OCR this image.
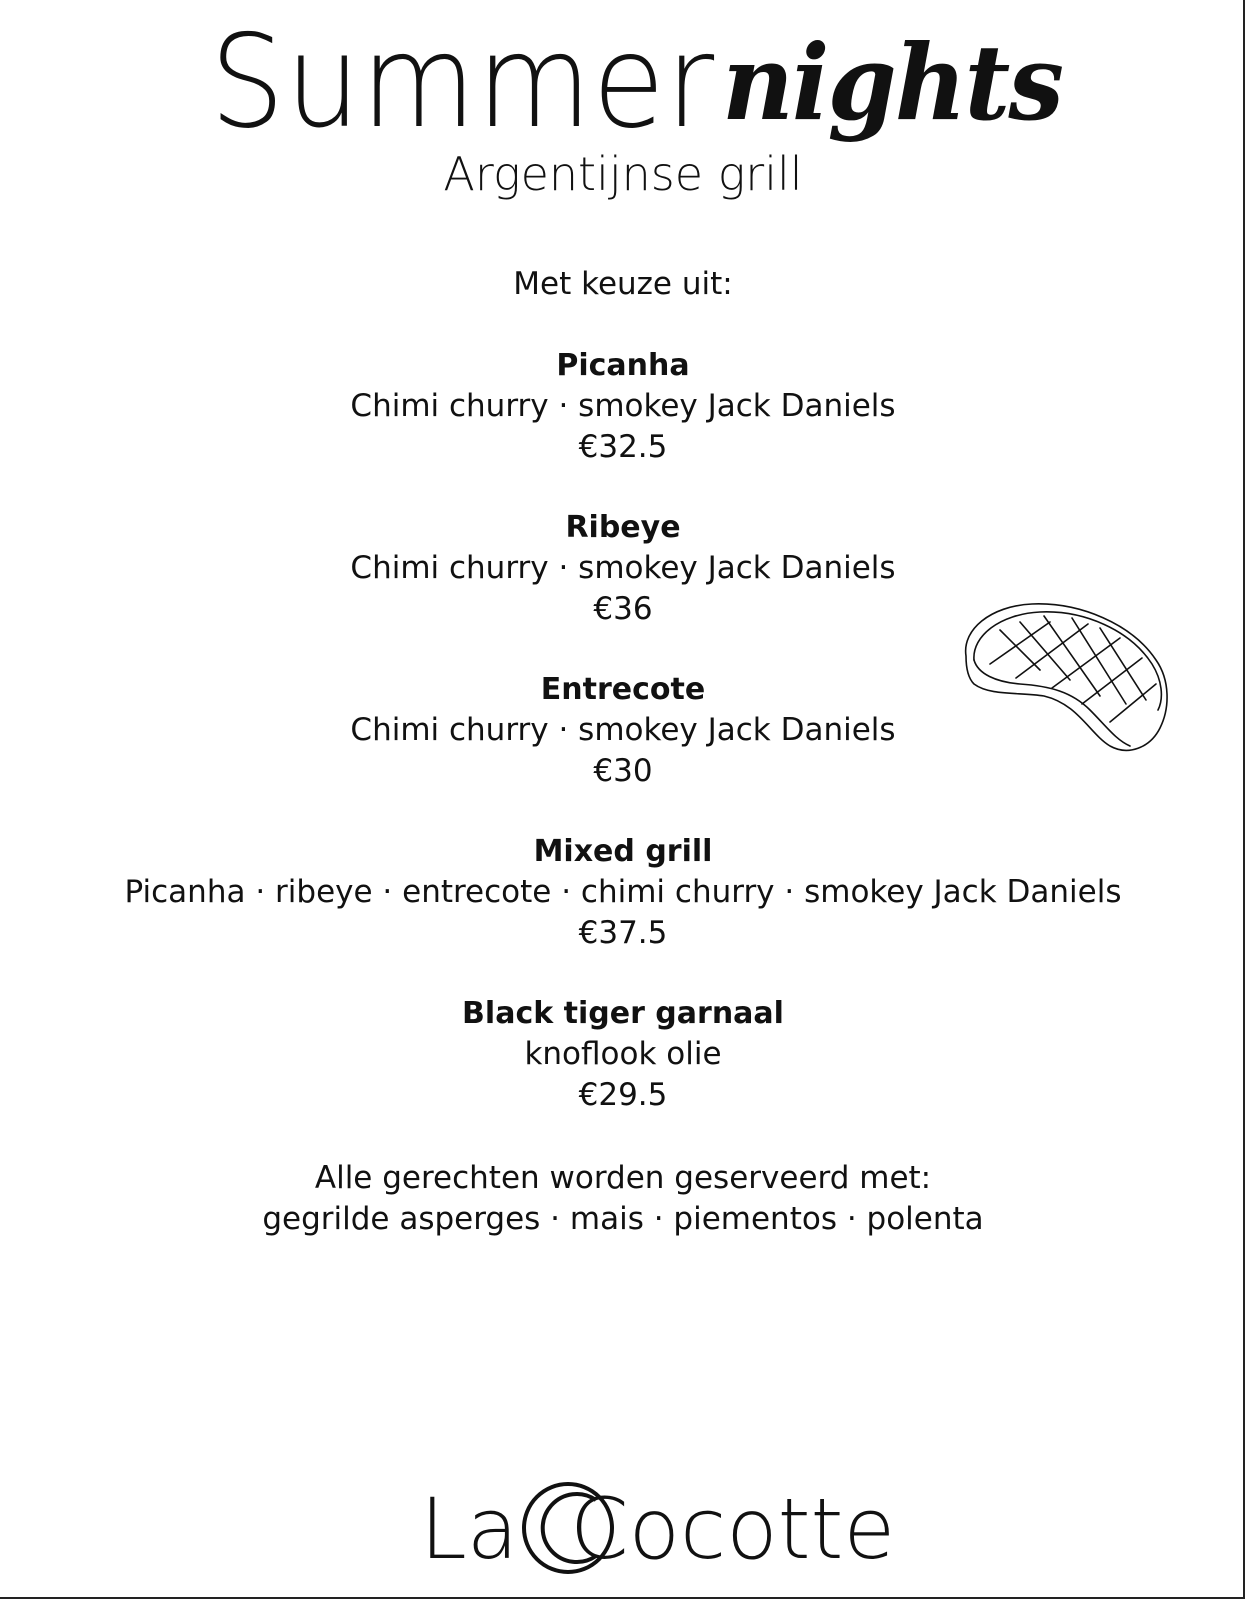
Summernights
Argentijnse grill
Met keuze uit:
Picanha
Chimi churry · smokey Jack Daniels
€32.5
Ribeye
Chimi churry · smokey Jack Daniels
€36
Entrecote
Chimi churry · smokey Jack Daniels
€30
Mixed grill
Picanha · ribeye · entrecote · chimi churry · smokey Jack Daniels
€37.5
Black tiger garnaal
knoflook olie
€29.5
Alle gerechten worden geserveerd met:
gegrilde asperges · mais · piementos · polenta
La Cocotte
